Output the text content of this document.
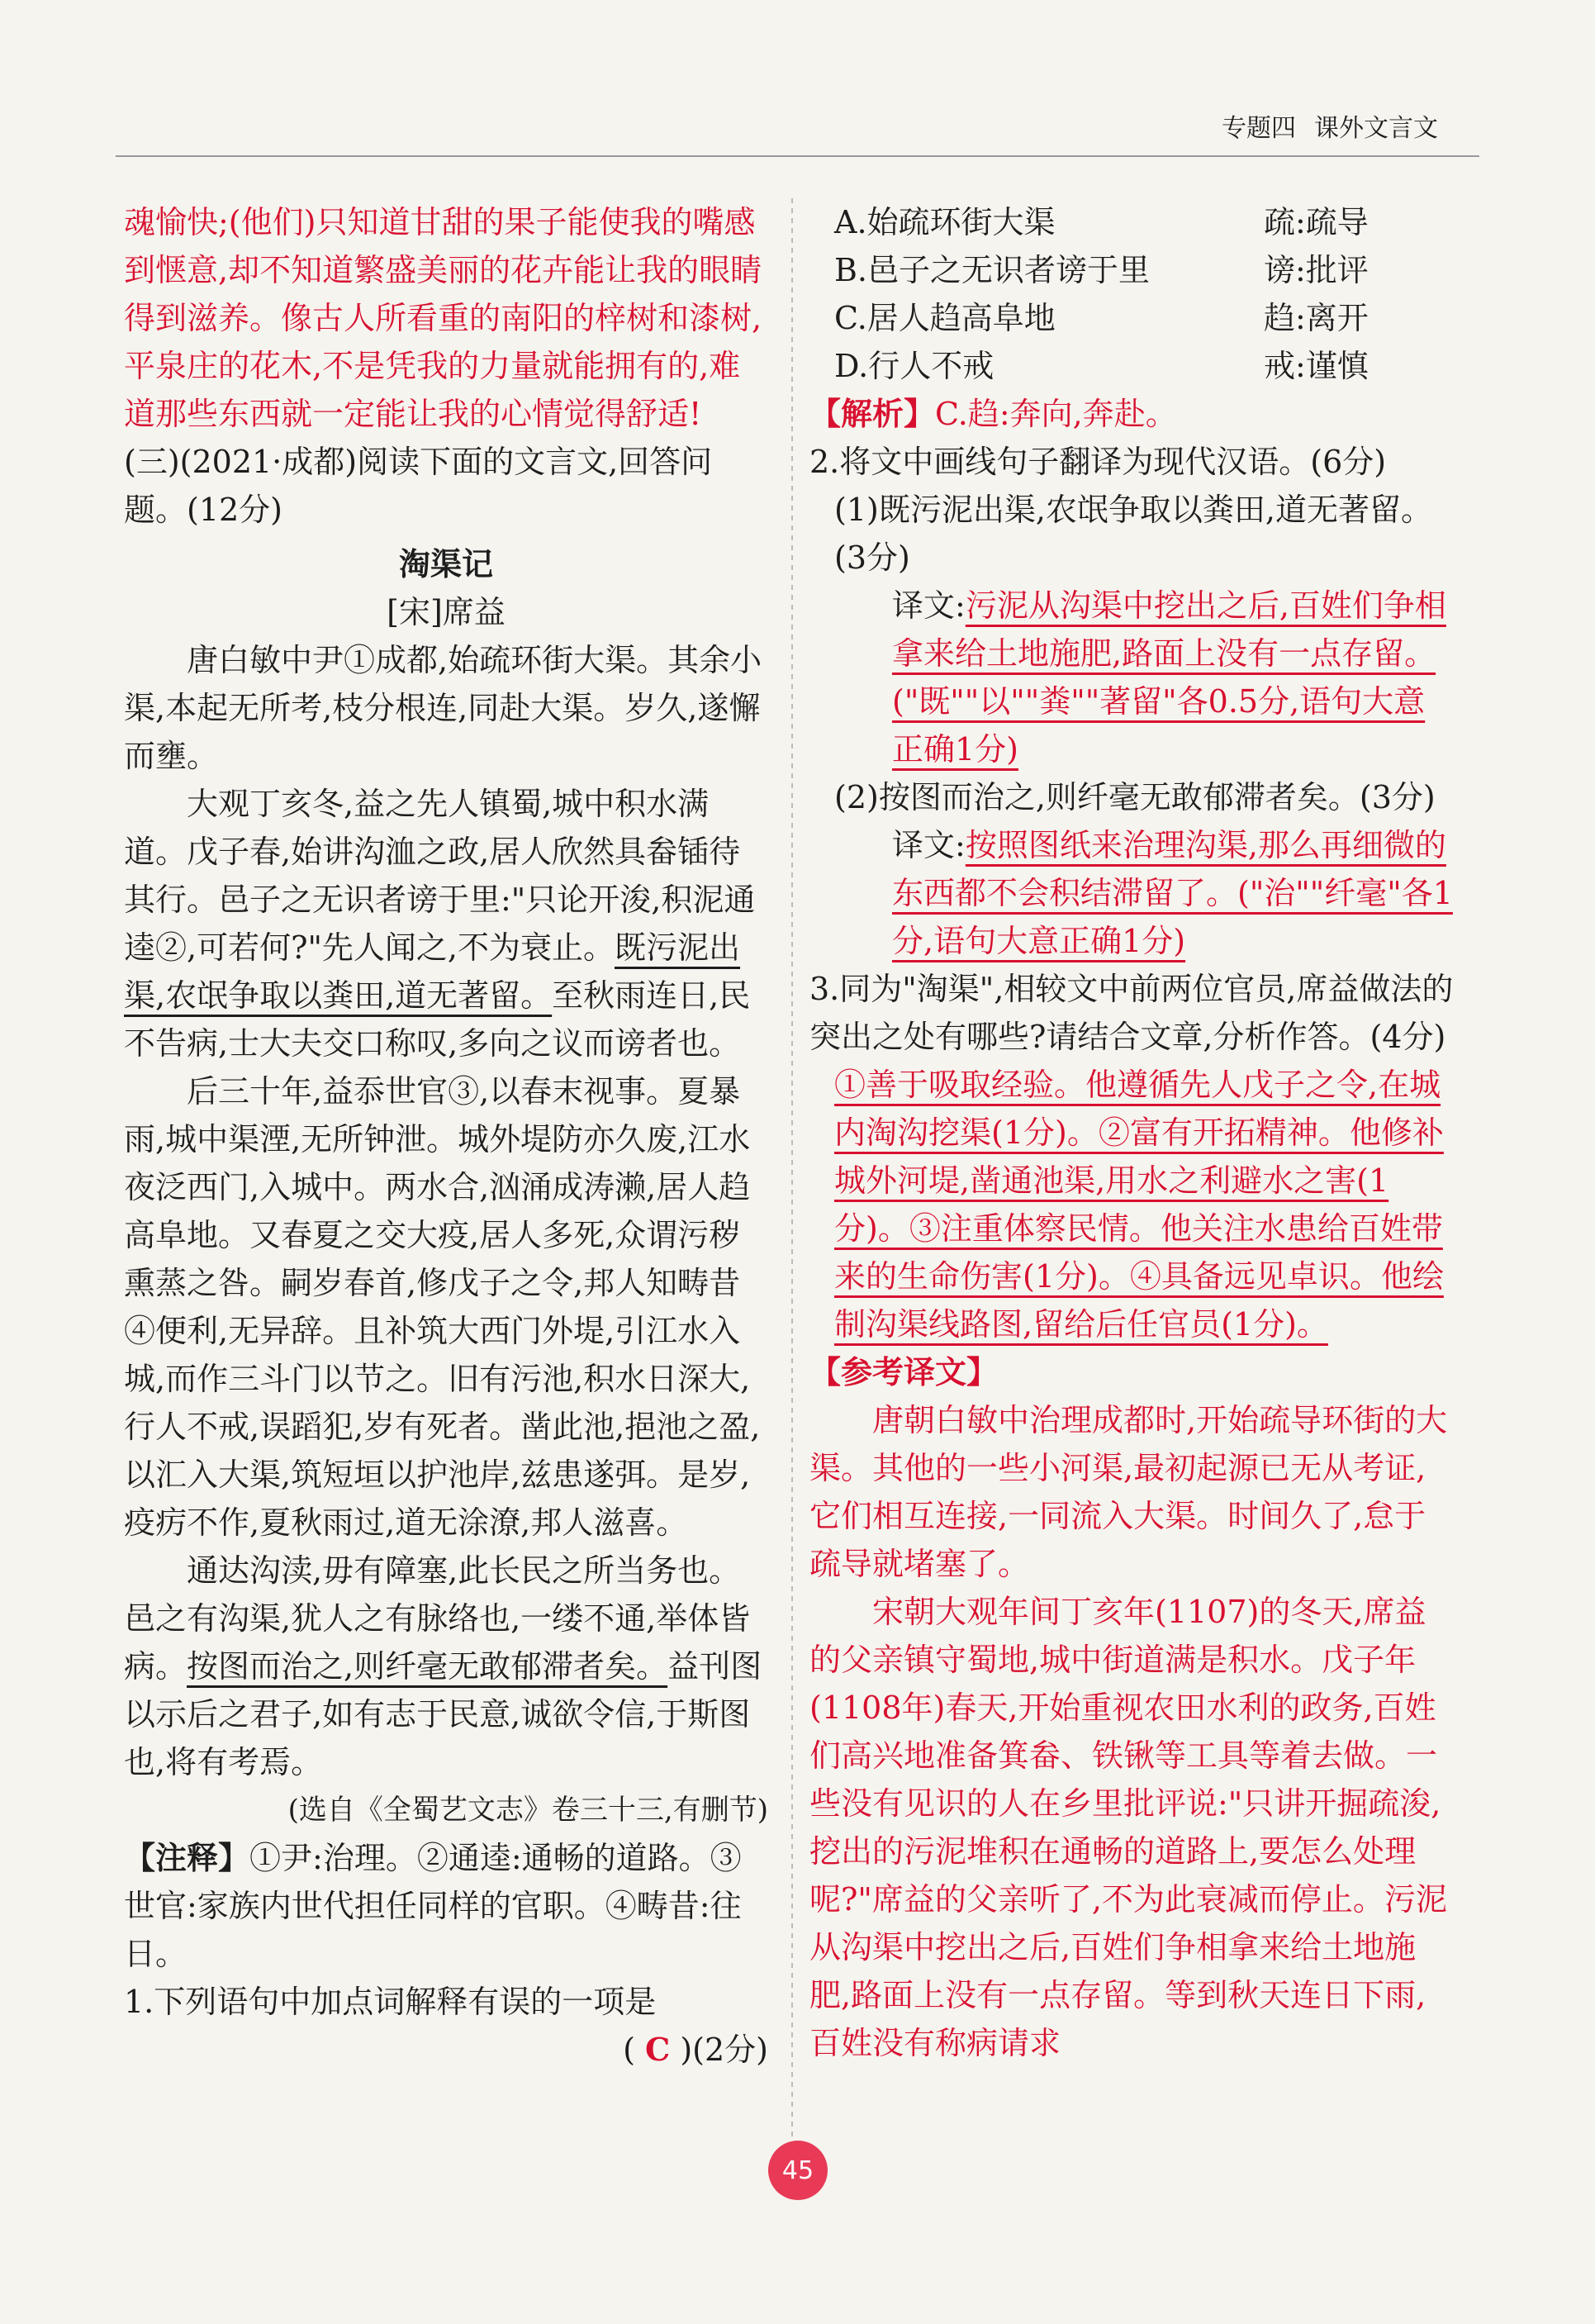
专题四 课外文言文

魂愉快;(他们)只知道甘甜的果子能使我的嘴感到惬意,却不知道繁盛美丽的花卉能让我的眼睛得到滋养。像古人所看重的南阳的梓树和漆树,平泉庄的花木,不是凭我的力量就能拥有的,难道那些东西就一定能让我的心情觉得舒适!

(三)(2021·成都)阅读下面的文言文,回答问题。(12分)

淘渠记

[宋]席益

唐白敏中尹①成都,始疏环街大渠。其余小渠,本起无所考,枝分根连,同赴大渠。岁久,遂懈而壅。

大观丁亥冬,益之先人镇蜀,城中积水满道。戊子春,始讲沟洫之政,居人欣然具畚锸待其行。邑子之无识者谤于里:"只论开浚,积泥通逵②,可若何?"先人闻之,不为衰止。既污泥出渠,农氓争取以粪田,道无著留。至秋雨连日,民不告病,士大夫交口称叹,多向之议而谤者也。

后三十年,益忝世官③,以春末视事。夏暴雨,城中渠湮,无所钟泄。城外堤防亦久废,江水夜泛西门,入城中。两水合,汹涌成涛濑,居人趋高阜地。又春夏之交大疫,居人多死,众谓污秽熏蒸之咎。嗣岁春首,修戊子之令,邦人知畴昔④便利,无异辞。且补筑大西门外堤,引江水入城,而作三斗门以节之。旧有污池,积水日深大,行人不戒,误蹈犯,岁有死者。凿此池,挹池之盈,以汇入大渠,筑短垣以护池岸,兹患遂弭。是岁,疫疠不作,夏秋雨过,道无涂潦,邦人滋喜。

通达沟渎,毋有障塞,此长民之所当务也。邑之有沟渠,犹人之有脉络也,一缕不通,举体皆病。按图而治之,则纤毫无敢郁滞者矣。益刊图以示后之君子,如有志于民意,诚欲令信,于斯图也,将有考焉。

(选自《全蜀艺文志》卷三十三,有删节)

【注释】①尹:治理。②通逵:通畅的道路。③世官:家族内世代担任同样的官职。④畴昔:往日。

1.下列语句中加点词解释有误的一项是

( C )(2分)

A.始疏环街大渠	疏:疏导

B.邑子之无识者谤于里	谤:批评

C.居人趋高阜地	趋:离开

D.行人不戒	戒:谨慎

【解析】C.趋:奔向,奔赴。

2.将文中画线句子翻译为现代汉语。(6分)

(1)既污泥出渠,农氓争取以粪田,道无著留。(3分)

译文:污泥从沟渠中挖出之后,百姓们争相拿来给土地施肥,路面上没有一点存留。("既""以""粪""著留"各0.5分,语句大意正确1分)

(2)按图而治之,则纤毫无敢郁滞者矣。(3分)

译文:按照图纸来治理沟渠,那么再细微的东西都不会积结滞留了。("治""纤毫"各1分,语句大意正确1分)

3.同为"淘渠",相较文中前两位官员,席益做法的突出之处有哪些?请结合文章,分析作答。(4分)

①善于吸取经验。他遵循先人戊子之令,在城内淘沟挖渠(1分)。②富有开拓精神。他修补城外河堤,凿通池渠,用水之利避水之害(1分)。③注重体察民情。他关注水患给百姓带来的生命伤害(1分)。④具备远见卓识。他绘制沟渠线路图,留给后任官员(1分)。

【参考译文】

唐朝白敏中治理成都时,开始疏导环街的大渠。其他的一些小河渠,最初起源已无从考证,它们相互连接,一同流入大渠。时间久了,怠于疏导就堵塞了。

宋朝大观年间丁亥年(1107)的冬天,席益的父亲镇守蜀地,城中街道满是积水。戊子年(1108年)春天,开始重视农田水利的政务,百姓们高兴地准备箕畚、铁锹等工具等着去做。一些没有见识的人在乡里批评说:"只讲开掘疏浚,挖出的污泥堆积在通畅的道路上,要怎么处理呢?"席益的父亲听了,不为此衰减而停止。污泥从沟渠中挖出之后,百姓们争相拿来给土地施肥,路面上没有一点存留。等到秋天连日下雨,百姓没有称病请求

45
